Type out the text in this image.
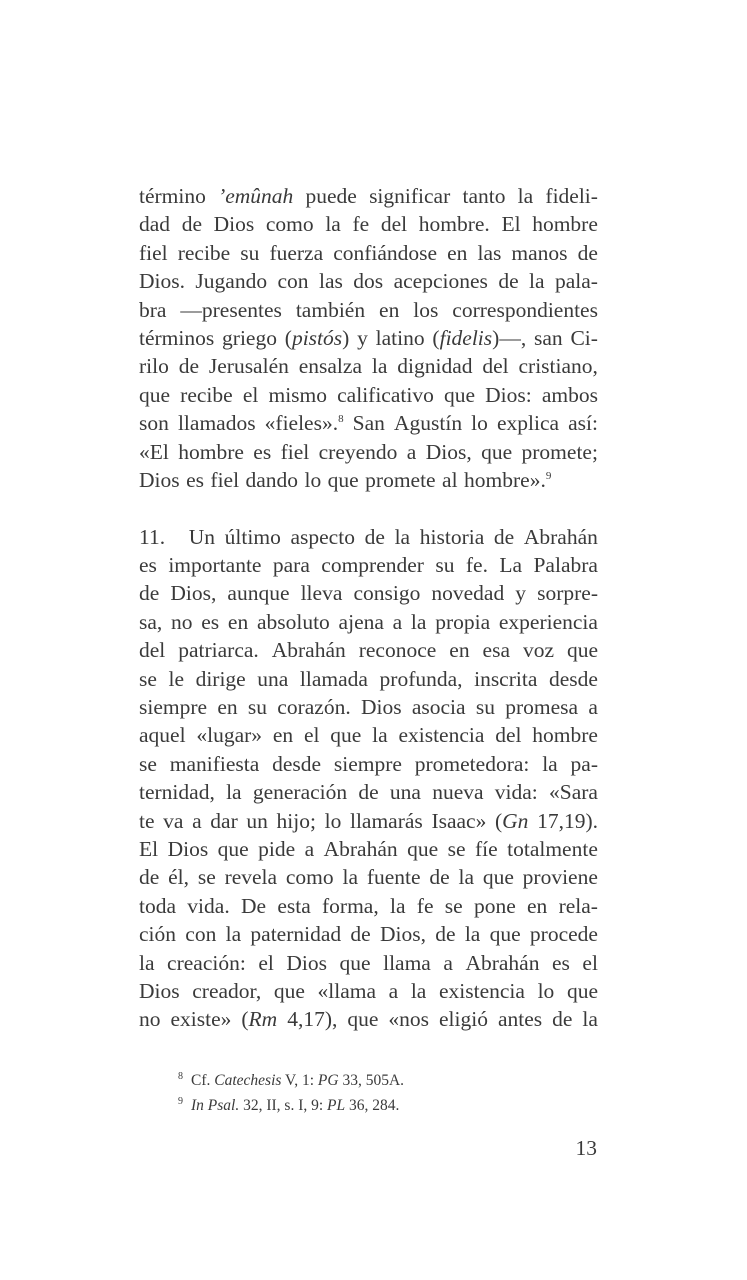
término ’emûnah puede significar tanto la fideli-
dad de Dios como la fe del hombre. El hombre
fiel recibe su fuerza confiándose en las manos de
Dios. Jugando con las dos acepciones de la pala-
bra —presentes también en los correspondientes
términos griego (pistós) y latino (fidelis)—, san Ci-
rilo de Jerusalén ensalza la dignidad del cristiano,
que recibe el mismo calificativo que Dios: ambos
son llamados «fieles».$^8$ San Agustín lo explica así:
«El hombre es fiel creyendo a Dios, que promete;
Dios es fiel dando lo que promete al hombre».$^9$
11. Un último aspecto de la historia de Abrahán
es importante para comprender su fe. La Palabra
de Dios, aunque lleva consigo novedad y sorpre-
sa, no es en absoluto ajena a la propia experiencia
del patriarca. Abrahán reconoce en esa voz que
se le dirige una llamada profunda, inscrita desde
siempre en su corazón. Dios asocia su promesa a
aquel «lugar» en el que la existencia del hombre
se manifiesta desde siempre prometedora: la pa-
ternidad, la generación de una nueva vida: «Sara
te va a dar un hijo; lo llamarás Isaac» (Gn 17,19).
El Dios que pide a Abrahán que se fíe totalmente
de él, se revela como la fuente de la que proviene
toda vida. De esta forma, la fe se pone en rela-
ción con la paternidad de Dios, de la que procede
la creación: el Dios que llama a Abrahán es el
Dios creador, que «llama a la existencia lo que
no existe» (Rm 4,17), que «nos eligió antes de la
$^8$ Cf. Catechesis V, 1: PG 33, 505A.
$^9$ In Psal. 32, II, s. I, 9: PL 36, 284.
13
